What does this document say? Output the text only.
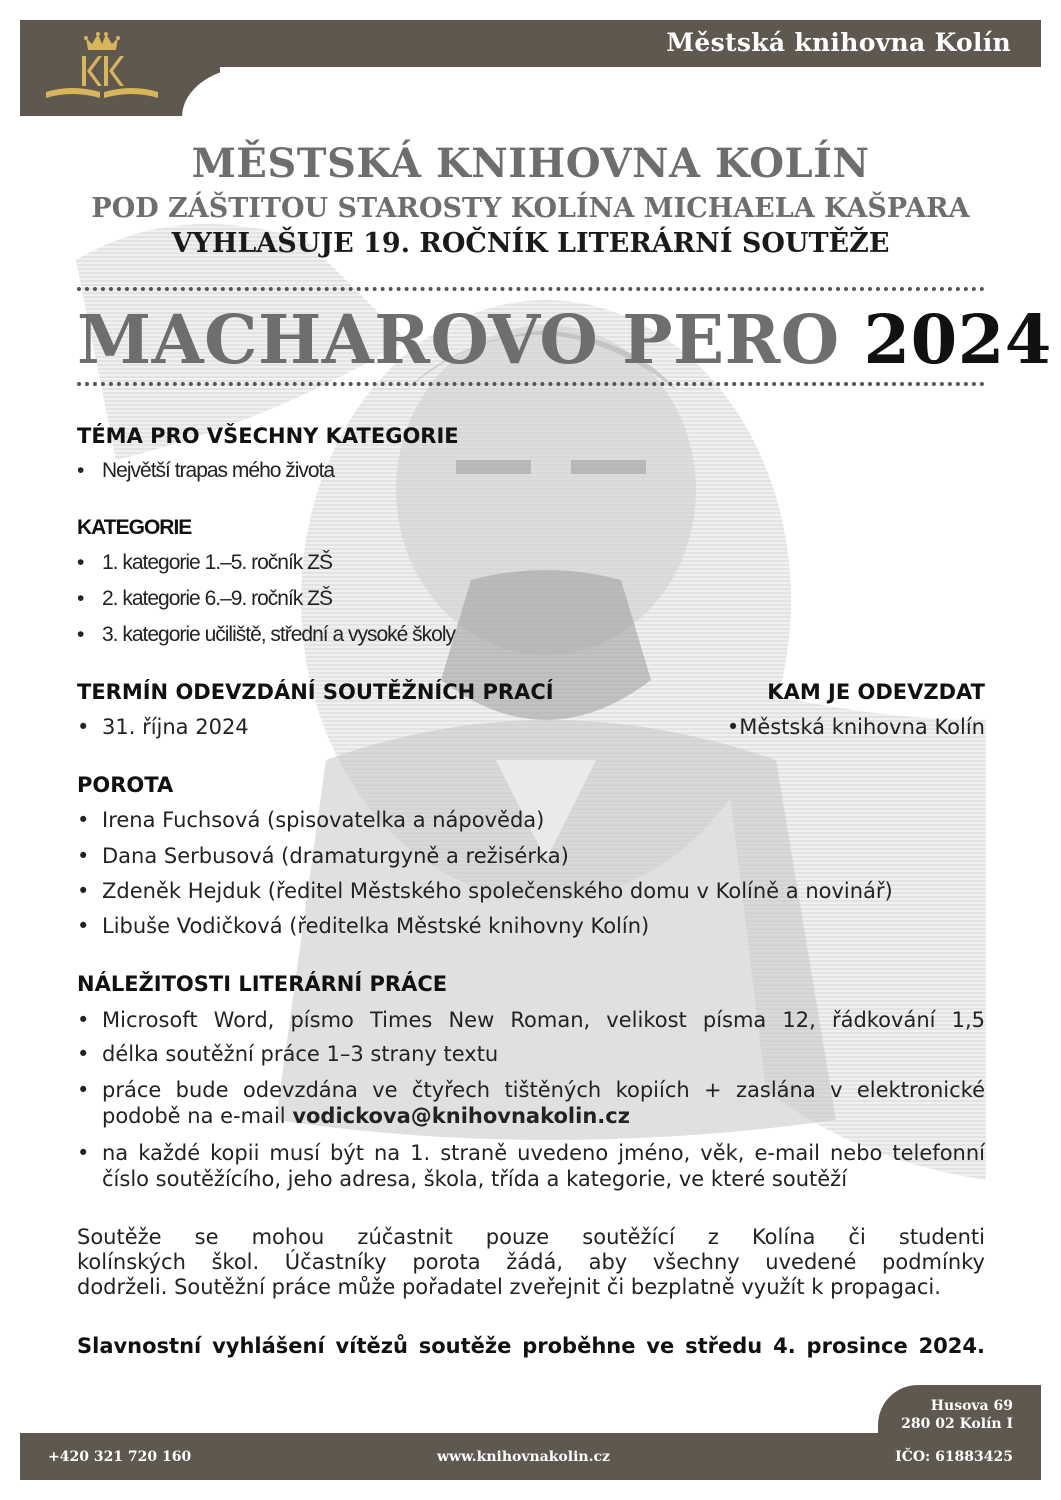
Městská knihovna Kolín
MĚSTSKÁ KNIHOVNA KOLÍN
POD ZÁŠTITOU STAROSTY KOLÍNA MICHAELA KAŠPARA
VYHLAŠUJE 19. ROČNÍK LITERÁRNÍ SOUTĚŽE
MACHAROVO PERO 2024
TÉMA PRO VŠECHNY KATEGORIE
• Největší trapas mého života
KATEGORIE
• 1. kategorie 1.–5. ročník ZŠ
• 2. kategorie 6.–9. ročník ZŠ
• 3. kategorie učiliště, střední a vysoké školy
TERMÍN ODEVZDÁNÍ SOUTĚŽNÍCH PRACÍ
• 31. října 2024
KAM JE ODEVZDAT
•Městská knihovna Kolín
POROTA
• Irena Fuchsová (spisovatelka a nápověda)
• Dana Serbusová (dramaturgyně a režisérka)
• Zdeněk Hejduk (ředitel Městského společenského domu v Kolíně a novinář)
• Libuše Vodičková (ředitelka Městské knihovny Kolín)
NÁLEŽITOSTI LITERÁRNÍ PRÁCE
• Microsoft Word, písmo Times New Roman, velikost písma 12, řádkování 1,5
• délka soutěžní práce 1–3 strany textu
• práce bude odevzdána ve čtyřech tištěných kopiích + zaslána v elektronické
podobě na e-mail vodickova@knihovnakolin.cz
• na každé kopii musí být na 1. straně uvedeno jméno, věk, e-mail nebo telefonní
číslo soutěžícího, jeho adresa, škola, třída a kategorie, ve které soutěží
Soutěže se mohou zúčastnit pouze soutěžící z Kolína či studenti
kolínských škol. Účastníky porota žádá, aby všechny uvedené podmínky
dodrželi. Soutěžní práce může pořadatel zveřejnit či bezplatně využít k propagaci.
Slavnostní vyhlášení vítězů soutěže proběhne ve středu 4. prosince 2024.
Husova 69
280 02 Kolín I
+420 321 720 160	www.knihovnakolin.cz	IČO: 61883425
